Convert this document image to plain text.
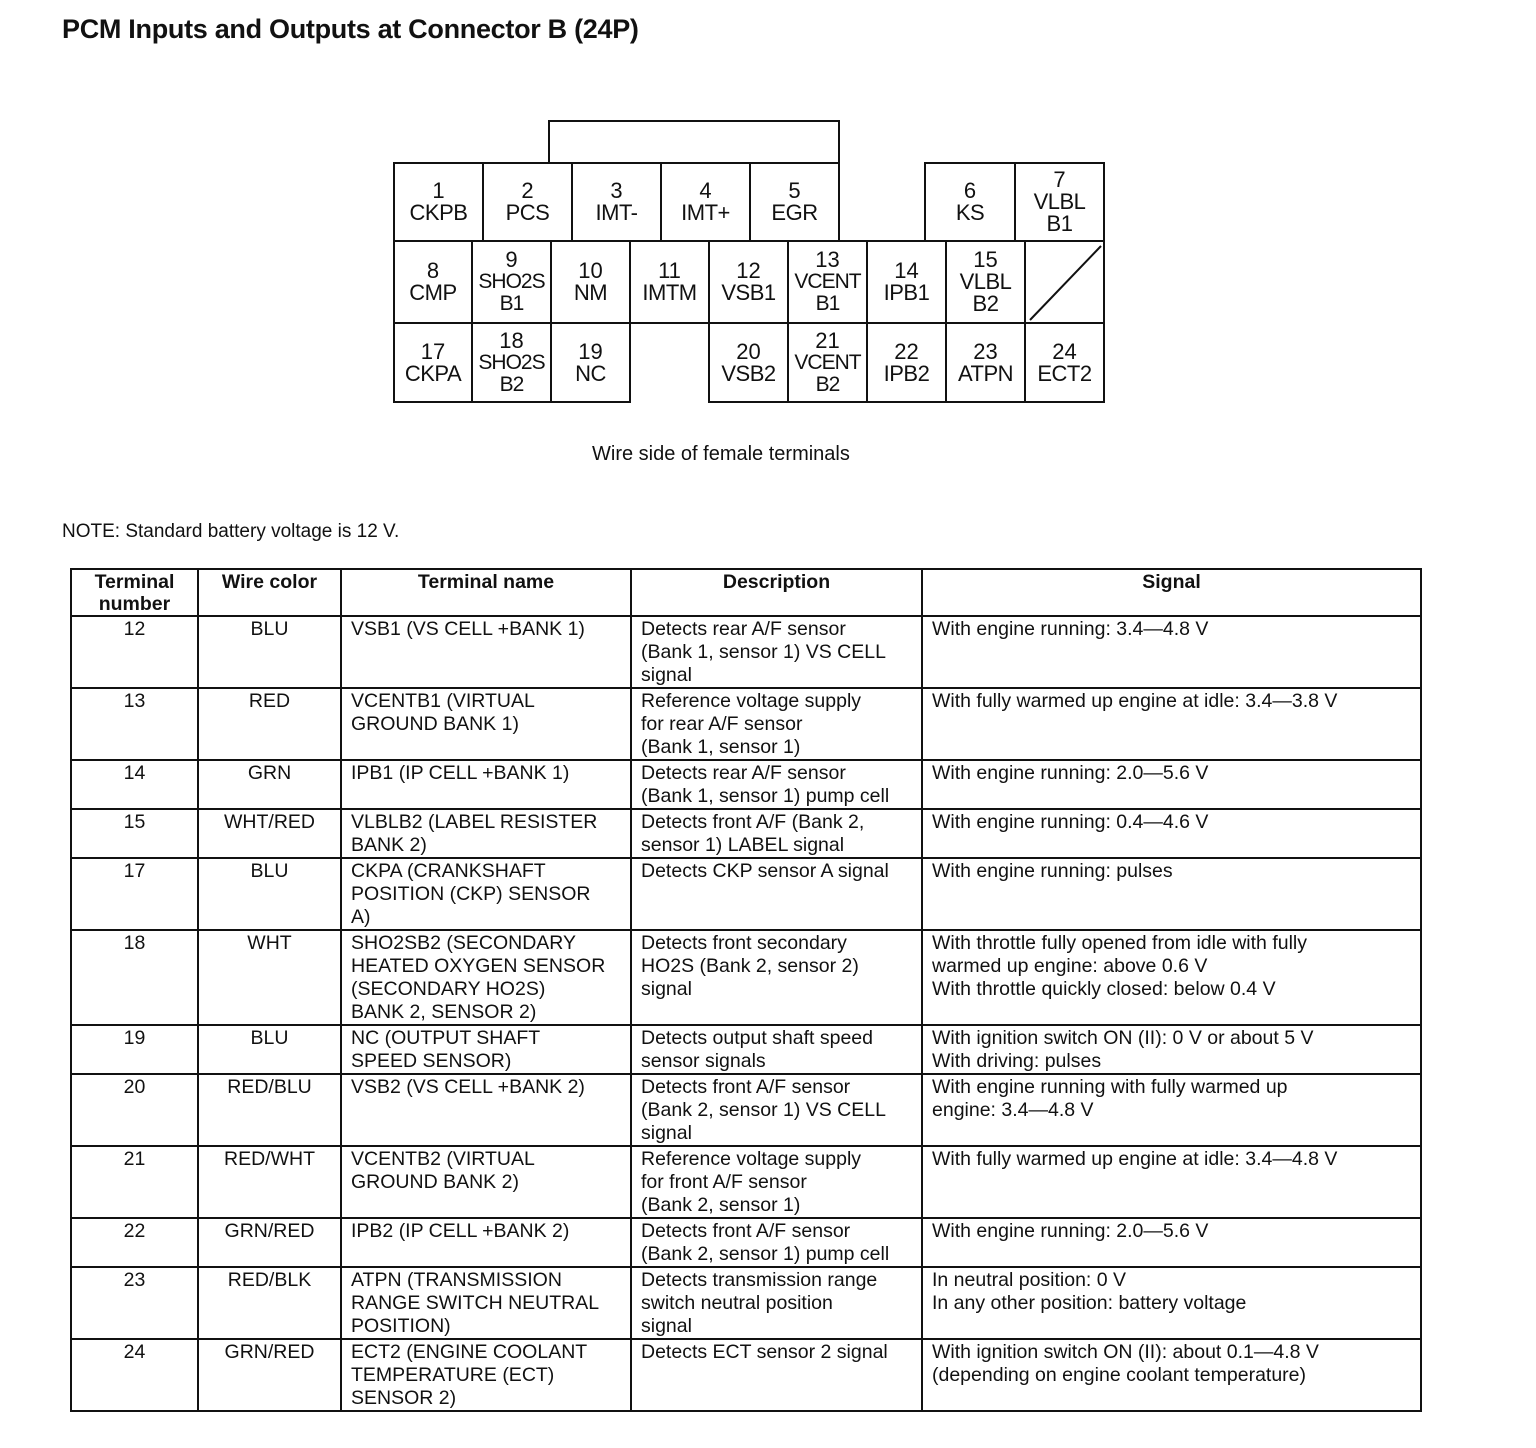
PCM Inputs and Outputs at Connector B (24P)
1
CKPB
2
PCS
3
IMT-
4
IMT+
5
EGR
6
KS
7
VLBL
B1
8
CMP
9
SHO2S
B1
10
NM
11
IMTM
12
VSB1
13
VCENT
B1
14
IPB1
15
VLBL
B2
17
CKPA
18
SHO2S
B2
19
NC
20
VSB2
21
VCENT
B2
22
IPB2
23
ATPN
24
ECT2
Wire side of female terminals
NOTE: Standard battery voltage is 12 V.
Terminal
number	Wire color	Terminal name	Description	Signal
12	BLU	VSB1 (VS CELL +BANK 1)	Detects rear A/F sensor
(Bank 1, sensor 1) VS CELL
signal	With engine running: 3.4—4.8 V
13	RED	VCENTB1 (VIRTUAL
GROUND BANK 1)	Reference voltage supply
for rear A/F sensor
(Bank 1, sensor 1)	With fully warmed up engine at idle: 3.4—3.8 V
14	GRN	IPB1 (IP CELL +BANK 1)	Detects rear A/F sensor
(Bank 1, sensor 1) pump cell	With engine running: 2.0—5.6 V
15	WHT/RED	VLBLB2 (LABEL RESISTER
BANK 2)	Detects front A/F (Bank 2,
sensor 1) LABEL signal	With engine running: 0.4—4.6 V
17	BLU	CKPA (CRANKSHAFT
POSITION (CKP) SENSOR
A)	Detects CKP sensor A signal	With engine running: pulses
18	WHT	SHO2SB2 (SECONDARY
HEATED OXYGEN SENSOR
(SECONDARY HO2S)
BANK 2, SENSOR 2)	Detects front secondary
HO2S (Bank 2, sensor 2)
signal	With throttle fully opened from idle with fully
warmed up engine: above 0.6 V
With throttle quickly closed: below 0.4 V
19	BLU	NC (OUTPUT SHAFT
SPEED SENSOR)	Detects output shaft speed
sensor signals	With ignition switch ON (II): 0 V or about 5 V
With driving: pulses
20	RED/BLU	VSB2 (VS CELL +BANK 2)	Detects front A/F sensor
(Bank 2, sensor 1) VS CELL
signal	With engine running with fully warmed up
engine: 3.4—4.8 V
21	RED/WHT	VCENTB2 (VIRTUAL
GROUND BANK 2)	Reference voltage supply
for front A/F sensor
(Bank 2, sensor 1)	With fully warmed up engine at idle: 3.4—4.8 V
22	GRN/RED	IPB2 (IP CELL +BANK 2)	Detects front A/F sensor
(Bank 2, sensor 1) pump cell	With engine running: 2.0—5.6 V
23	RED/BLK	ATPN (TRANSMISSION
RANGE SWITCH NEUTRAL
POSITION)	Detects transmission range
switch neutral position
signal	In neutral position: 0 V
In any other position: battery voltage
24	GRN/RED	ECT2 (ENGINE COOLANT
TEMPERATURE (ECT)
SENSOR 2)	Detects ECT sensor 2 signal	With ignition switch ON (II): about 0.1—4.8 V
(depending on engine coolant temperature)
